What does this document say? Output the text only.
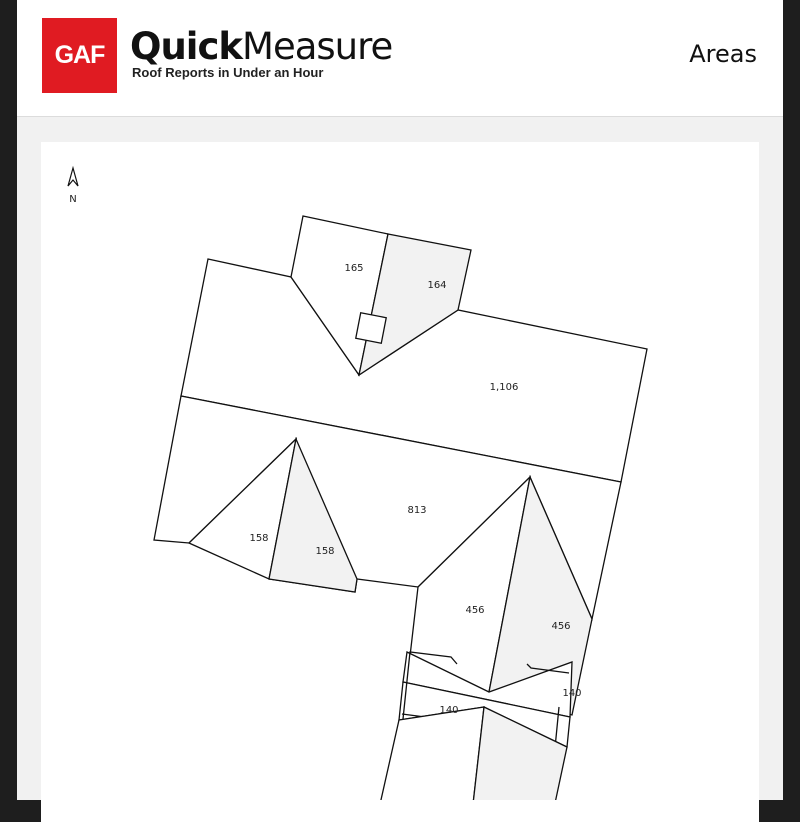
GAF QuickMeasure
Roof Reports in Under an Hour
Areas
N
165
164
1,106
813
158
158
456
456
140
140
